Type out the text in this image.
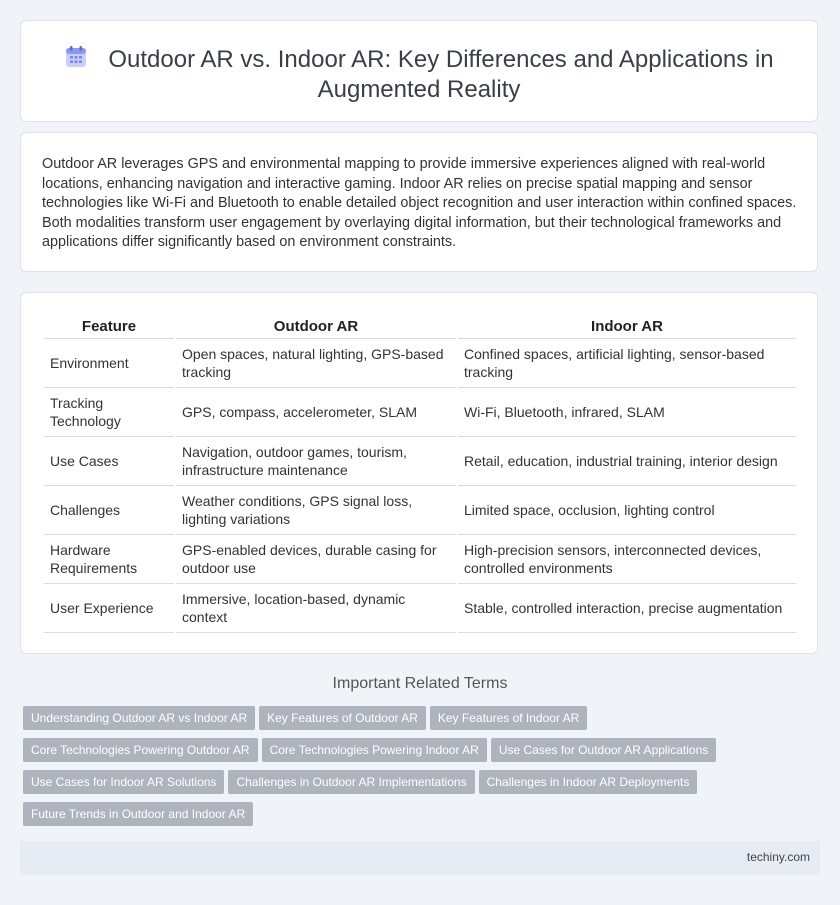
Outdoor AR vs. Indoor AR: Key Differences and Applications in Augmented Reality

Outdoor AR leverages GPS and environmental mapping to provide immersive experiences aligned with real-world locations, enhancing navigation and interactive gaming. Indoor AR relies on precise spatial mapping and sensor technologies like Wi-Fi and Bluetooth to enable detailed object recognition and user interaction within confined spaces. Both modalities transform user engagement by overlaying digital information, but their technological frameworks and applications differ significantly based on environment constraints.

Feature	Outdoor AR	Indoor AR
Environment	Open spaces, natural lighting, GPS-based tracking	Confined spaces, artificial lighting, sensor-based tracking
Tracking Technology	GPS, compass, accelerometer, SLAM	Wi-Fi, Bluetooth, infrared, SLAM
Use Cases	Navigation, outdoor games, tourism, infrastructure maintenance	Retail, education, industrial training, interior design
Challenges	Weather conditions, GPS signal loss, lighting variations	Limited space, occlusion, lighting control
Hardware Requirements	GPS-enabled devices, durable casing for outdoor use	High-precision sensors, interconnected devices, controlled environments
User Experience	Immersive, location-based, dynamic context	Stable, controlled interaction, precise augmentation
Important Related Terms
Understanding Outdoor AR vs Indoor AR Key Features of Outdoor AR Key Features of Indoor AR
Core Technologies Powering Outdoor AR Core Technologies Powering Indoor AR Use Cases for Outdoor AR Applications
Use Cases for Indoor AR Solutions Challenges in Outdoor AR Implementations Challenges in Indoor AR Deployments
Future Trends in Outdoor and Indoor AR
techiny.com
